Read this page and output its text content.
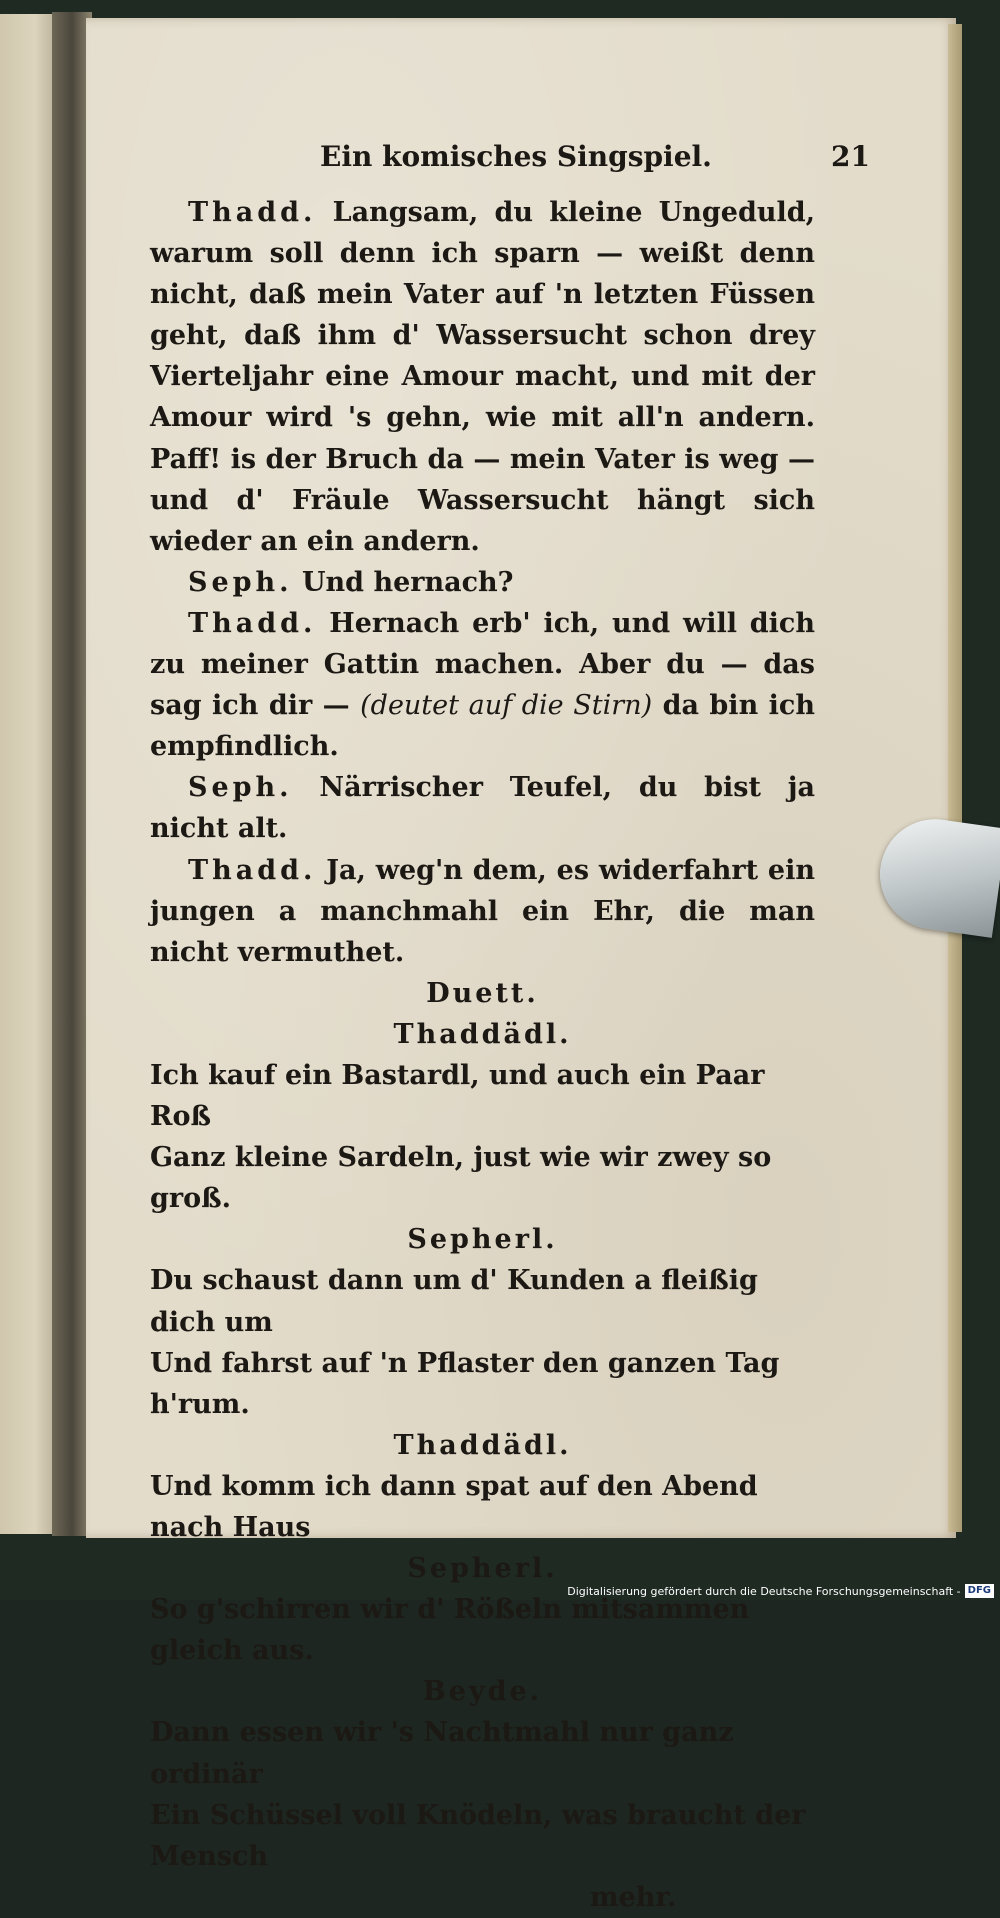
Ein komisches Singspiel.	21

Thadd. Langsam, du kleine Ungeduld, warum soll denn ich sparn — weißt denn nicht, daß mein Vater auf 'n letzten Füssen geht, daß ihm d' Wassersucht schon drey Vierteljahr eine Amour macht, und mit der Amour wird 's gehn, wie mit all'n andern. Paff! is der Bruch da — mein Vater is weg — und d' Fräule Wassersucht hängt sich wieder an ein andern.

Seph. Und hernach?

Thadd. Hernach erb' ich, und will dich zu meiner Gattin machen. Aber du — das sag ich dir — (deutet auf die Stirn) da bin ich empfindlich.

Seph. Närrischer Teufel, du bist ja nicht alt.

Thadd. Ja, weg'n dem, es widerfahrt ein jungen a manchmahl ein Ehr, die man nicht vermuthet.

Duett.

Thaddädl.

Ich kauf ein Bastardl, und auch ein Paar Roß

Ganz kleine Sardeln, just wie wir zwey so groß.

Sepherl.

Du schaust dann um d' Kunden a fleißig dich um

Und fahrst auf 'n Pflaster den ganzen Tag h'rum.

Thaddädl.

Und komm ich dann spat auf den Abend nach Haus

Sepherl.

So g'schirren wir d' Rößeln mitsammen gleich aus.

Beyde.

Dann essen wir 's Nachtmahl nur ganz ordinär

Ein Schüssel voll Knödeln, was braucht der Mensch

mehr.

Digitalisierung gefördert durch die Deutsche Forschungsgemeinschaft - DFG
